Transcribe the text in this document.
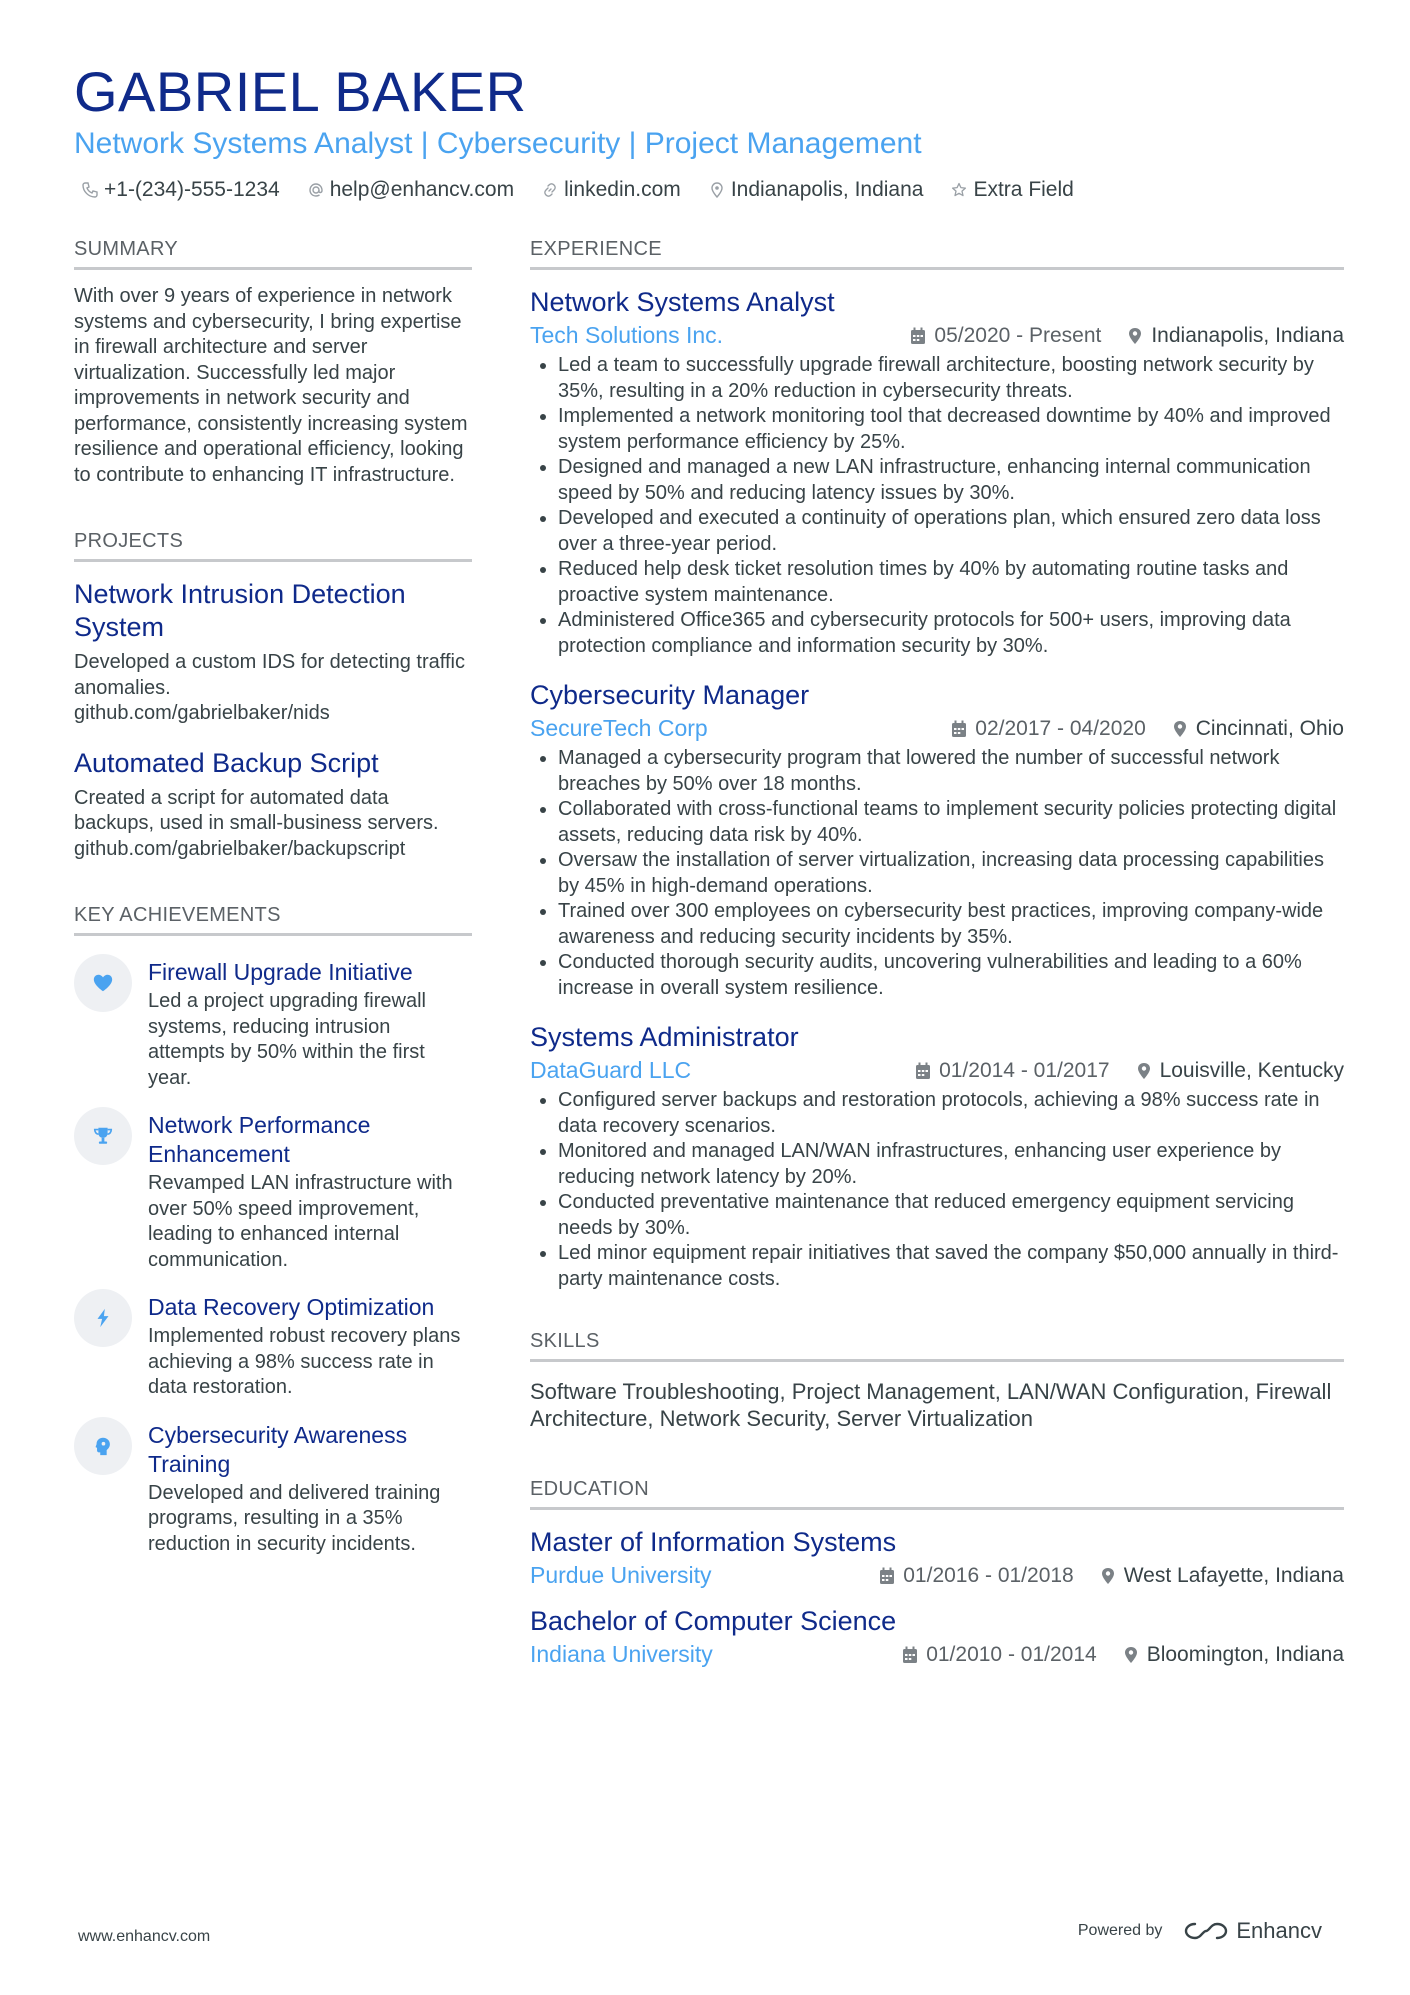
GABRIEL BAKER
Network Systems Analyst | Cybersecurity | Project Management
+1-(234)-555-1234 help@enhancv.com linkedin.com Indianapolis, Indiana Extra Field
SUMMARY
With over 9 years of experience in network systems and cybersecurity, I bring expertise in firewall architecture and server virtualization. Successfully led major improvements in network security and performance, consistently increasing system resilience and operational efficiency, looking to contribute to enhancing IT infrastructure.
PROJECTS
Network Intrusion Detection System
Developed a custom IDS for detecting traffic anomalies.
github.com/gabrielbaker/nids
Automated Backup Script
Created a script for automated data backups, used in small-business servers.
github.com/gabrielbaker/backupscript
KEY ACHIEVEMENTS
Firewall Upgrade Initiative
Led a project upgrading firewall systems, reducing intrusion attempts by 50% within the first year.
Network Performance Enhancement
Revamped LAN infrastructure with over 50% speed improvement, leading to enhanced internal communication.
Data Recovery Optimization
Implemented robust recovery plans achieving a 98% success rate in data restoration.
Cybersecurity Awareness Training
Developed and delivered training programs, resulting in a 35% reduction in security incidents.
EXPERIENCE
Network Systems Analyst
Tech Solutions Inc.	05/2020 - Present Indianapolis, Indiana
• Led a team to successfully upgrade firewall architecture, boosting network security by 35%, resulting in a 20% reduction in cybersecurity threats.
• Implemented a network monitoring tool that decreased downtime by 40% and improved system performance efficiency by 25%.
• Designed and managed a new LAN infrastructure, enhancing internal communication speed by 50% and reducing latency issues by 30%.
• Developed and executed a continuity of operations plan, which ensured zero data loss over a three-year period.
• Reduced help desk ticket resolution times by 40% by automating routine tasks and proactive system maintenance.
• Administered Office365 and cybersecurity protocols for 500+ users, improving data protection compliance and information security by 30%.
Cybersecurity Manager
SecureTech Corp	02/2017 - 04/2020 Cincinnati, Ohio
• Managed a cybersecurity program that lowered the number of successful network breaches by 50% over 18 months.
• Collaborated with cross-functional teams to implement security policies protecting digital assets, reducing data risk by 40%.
• Oversaw the installation of server virtualization, increasing data processing capabilities by 45% in high-demand operations.
• Trained over 300 employees on cybersecurity best practices, improving company-wide awareness and reducing security incidents by 35%.
• Conducted thorough security audits, uncovering vulnerabilities and leading to a 60% increase in overall system resilience.
Systems Administrator
DataGuard LLC	01/2014 - 01/2017 Louisville, Kentucky
• Configured server backups and restoration protocols, achieving a 98% success rate in data recovery scenarios.
• Monitored and managed LAN/WAN infrastructures, enhancing user experience by reducing network latency by 20%.
• Conducted preventative maintenance that reduced emergency equipment servicing needs by 30%.
• Led minor equipment repair initiatives that saved the company $50,000 annually in third-party maintenance costs.
SKILLS
Software Troubleshooting, Project Management, LAN/WAN Configuration, Firewall Architecture, Network Security, Server Virtualization
EDUCATION
Master of Information Systems
Purdue University	01/2016 - 01/2018 West Lafayette, Indiana
Bachelor of Computer Science
Indiana University	01/2010 - 01/2014 Bloomington, Indiana
www.enhancv.com	Powered by	Enhancv
